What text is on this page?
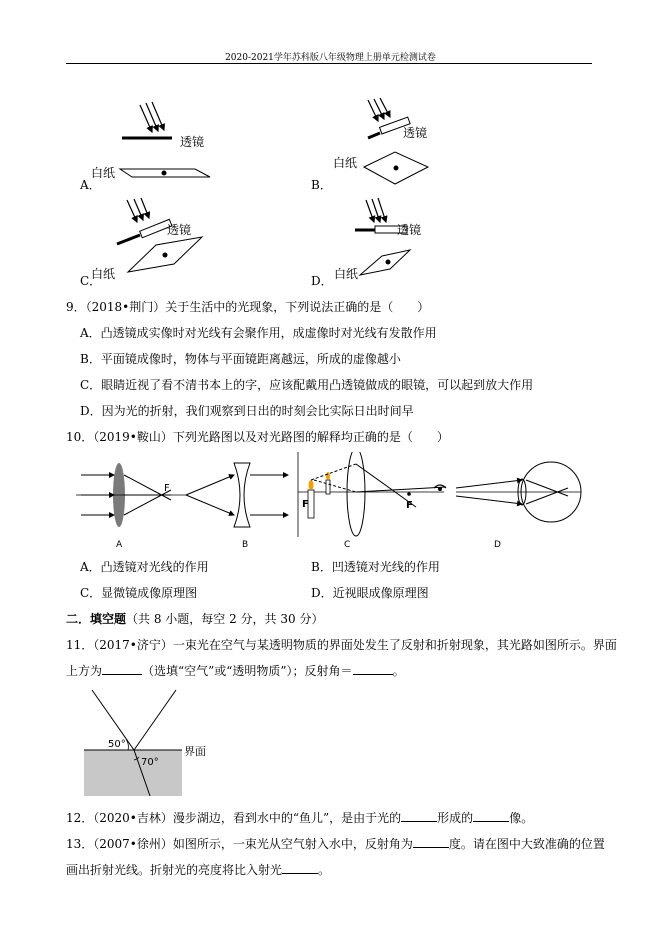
2020-2021学年苏科版八年级物理上册单元检测试卷
透镜
白纸
A．
透镜
白纸
B．
透镜
白纸
C．
透镜
白纸
D．
9．（2018•荆门）关于生活中的光现象，下列说法正确的是（　　）
A．凸透镜成实像时对光线有会聚作用，成虚像时对光线有发散作用
B．平面镜成像时，物体与平面镜距离越远，所成的虚像越小
C．眼睛近视了看不清书本上的字，应该配戴用凸透镜做成的眼镜，可以起到放大作用
D．因为光的折射，我们观察到日出的时刻会比实际日出时间早
10．（2019•鞍山）下列光路图以及对光路图的解释均正确的是（　　）
F
F	F
A	B	C	D
A．凸透镜对光线的作用	B．凹透镜对光线的作用
C．显微镜成像原理图	D．近视眼成像原理图
二．填空题（共 8 小题，每空 2 分，共 30 分）
11．（2017•济宁）一束光在空气与某透明物质的界面处发生了反射和折射现象，其光路如图所示。界面
上方为	（选填“空气”或“透明物质”）；反射角＝	。
50°
70°
界面
12．（2020•吉林）漫步湖边，看到水中的“鱼儿”，是由于光的	形成的	像。
13．（2007•徐州）如图所示，一束光从空气射入水中，反射角为	度。请在图中大致准确的位置
画出折射光线。折射光的亮度将比入射光	。
